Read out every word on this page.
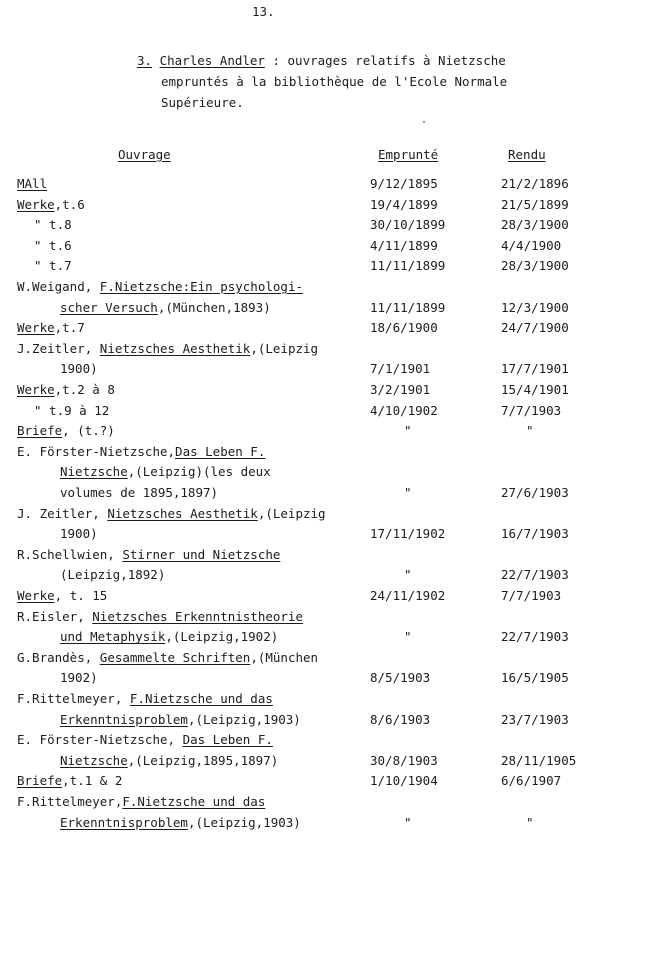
13.
3. Charles Andler : ouvrages relatifs à Nietzsche
empruntés à la bibliothèque de l'Ecole Normale
Supérieure.
·
Ouvrage	Emprunté	Rendu
MAll	9/12/1895	21/2/1896
Werke,t.6	19/4/1899	21/5/1899
" t.8	30/10/1899	28/3/1900
" t.6	4/11/1899	4/4/1900
" t.7	11/11/1899	28/3/1900
W.Weigand, F.Nietzsche:Ein psychologi-
scher Versuch,(München,1893)	11/11/1899	12/3/1900
Werke,t.7	18/6/1900	24/7/1900
J.Zeitler, Nietzsches Aesthetik,(Leipzig
1900)	7/1/1901	17/7/1901
Werke,t.2 à 8	3/2/1901	15/4/1901
" t.9 à 12	4/10/1902	7/7/1903
Briefe, (t.?)	"	"
E. Förster-Nietzsche,Das Leben F.
Nietzsche,(Leipzig)(les deux
volumes de 1895,1897)	"	27/6/1903
J. Zeitler, Nietzsches Aesthetik,(Leipzig
1900)	17/11/1902	16/7/1903
R.Schellwien, Stirner und Nietzsche
(Leipzig,1892)	"	22/7/1903
Werke, t. 15	24/11/1902	7/7/1903
R.Eisler, Nietzsches Erkenntnistheorie
und Metaphysik,(Leipzig,1902)	"	22/7/1903
G.Brandès, Gesammelte Schriften,(München
1902)	8/5/1903	16/5/1905
F.Rittelmeyer, F.Nietzsche und das
Erkenntnisproblem,(Leipzig,1903)	8/6/1903	23/7/1903
E. Förster-Nietzsche, Das Leben F.
Nietzsche,(Leipzig,1895,1897)	30/8/1903	28/11/1905
Briefe,t.1 & 2	1/10/1904	6/6/1907
F.Rittelmeyer,F.Nietzsche und das
Erkenntnisproblem,(Leipzig,1903)	"	"
